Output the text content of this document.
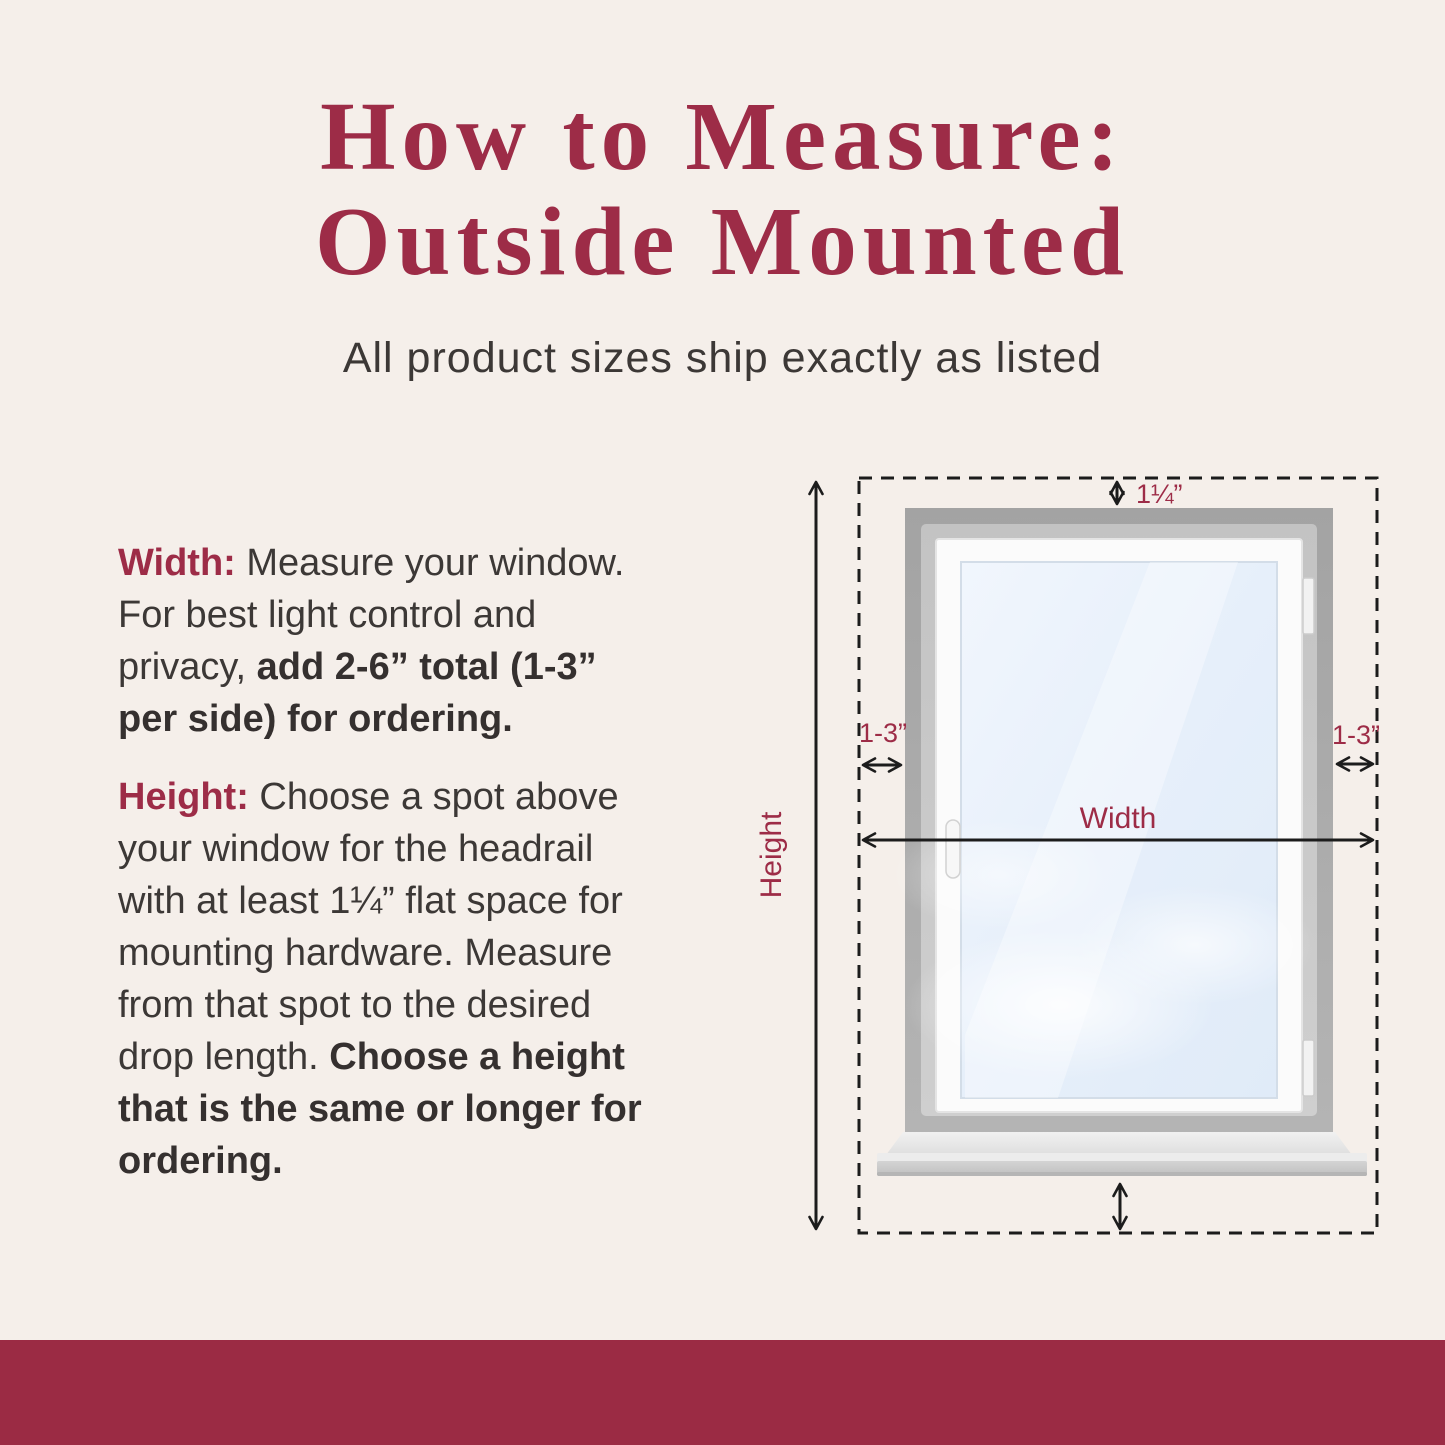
How to Measure:
Outside Mounted
All product sizes ship exactly as listed

Width: Measure your window.
For best light control and
privacy, add 2-6” total (1-3”
per side) for ordering.

Height: Choose a spot above
your window for the headrail
with at least 1¼” flat space for
mounting hardware. Measure
from that spot to the desired
drop length. Choose a height
that is the same or longer for
ordering.

1¼”
1-3”	1-3”
Width
Height
